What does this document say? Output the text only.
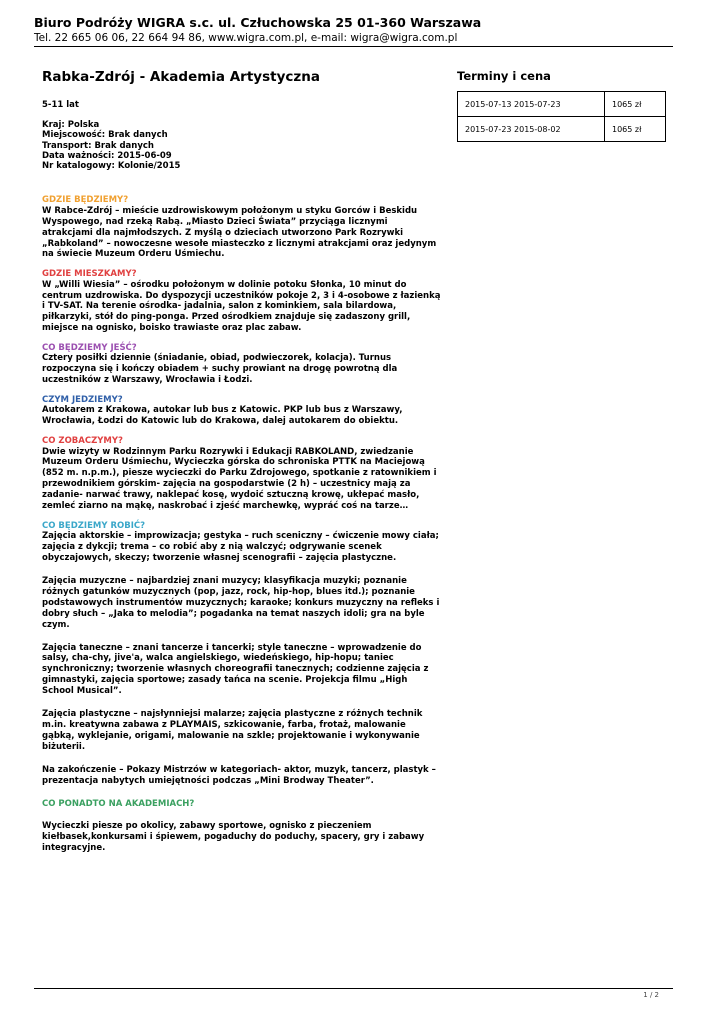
Biuro Podróży WIGRA s.c. ul. Człuchowska 25 01-360 Warszawa
Tel. 22 665 06 06, 22 664 94 86, www.wigra.com.pl, e-mail: wigra@wigra.com.pl
Rabka-Zdrój - Akademia Artystyczna
5-11 lat
Kraj: Polska
Miejscowość: Brak danych
Transport: Brak danych
Data ważności: 2015-06-09
Nr katalogowy: Kolonie/2015
GDZIE BĘDZIEMY?
W Rabce-Zdrój – mieście uzdrowiskowym położonym u styku Gorców i Beskidu
Wyspowego, nad rzeką Rabą. „Miasto Dzieci Świata” przyciąga licznymi
atrakcjami dla najmłodszych. Z myślą o dzieciach utworzono Park Rozrywki
„Rabkoland” – nowoczesne wesołe miasteczko z licznymi atrakcjami oraz jedynym
na świecie Muzeum Orderu Uśmiechu.
GDZIE MIESZKAMY?
W „Willi Wiesia” – ośrodku położonym w dolinie potoku Słonka, 10 minut do
centrum uzdrowiska. Do dyspozycji uczestników pokoje 2, 3 i 4-osobowe z łazienką
i TV-SAT. Na terenie ośrodka- jadalnia, salon z kominkiem, sala bilardowa,
piłkarzyki, stół do ping-ponga. Przed ośrodkiem znajduje się zadaszony grill,
miejsce na ognisko, boisko trawiaste oraz plac zabaw.
CO BĘDZIEMY JEŚĆ?
Cztery posiłki dziennie (śniadanie, obiad, podwieczorek, kolacja). Turnus
rozpoczyna się i kończy obiadem + suchy prowiant na drogę powrotną dla
uczestników z Warszawy, Wrocławia i Łodzi.
CZYM JEDZIEMY?
Autokarem z Krakowa, autokar lub bus z Katowic. PKP lub bus z Warszawy,
Wrocławia, Łodzi do Katowic lub do Krakowa, dalej autokarem do obiektu.
CO ZOBACZYMY?
Dwie wizyty w Rodzinnym Parku Rozrywki i Edukacji RABKOLAND, zwiedzanie
Muzeum Orderu Uśmiechu, Wycieczka górska do schroniska PTTK na Maciejową
(852 m. n.p.m.), piesze wycieczki do Parku Zdrojowego, spotkanie z ratownikiem i
przewodnikiem górskim- zajęcia na gospodarstwie (2 h) – uczestnicy mają za
zadanie- narwać trawy, naklepać kosę, wydoić sztuczną krowę, ukłepać masło,
zemleć ziarno na mąkę, naskrobać i zjeść marchewkę, wypráć coś na tarze…
CO BĘDZIEMY ROBIĆ?
Zajęcia aktorskie – improwizacja; gestyka – ruch sceniczny – ćwiczenie mowy ciała;
zajęcia z dykcji; trema – co robić aby z nią walczyć; odgrywanie scenek
obyczajowych, skeczy; tworzenie własnej scenografii – zajęcia plastyczne.
Zajęcia muzyczne – najbardziej znani muzycy; klasyfikacja muzyki; poznanie
różnych gatunków muzycznych (pop, jazz, rock, hip-hop, blues itd.); poznanie
podstawowych instrumentów muzycznych; karaoke; konkurs muzyczny na refleks i
dobry słuch – „Jaka to melodia”; pogadanka na temat naszych idoli; gra na byle
czym.
Zajęcia taneczne – znani tancerze i tancerki; style taneczne – wprowadzenie do
salsy, cha-chy, jive'a, walca angielskiego, wiedeńskiego, hip-hopu; taniec
synchroniczny; tworzenie własnych choreografii tanecznych; codzienne zajęcia z
gimnastyki, zajęcia sportowe; zasady tańca na scenie. Projekcja filmu „High
School Musical”.
Zajęcia plastyczne – najsłynniejsi malarze; zajęcia plastyczne z różnych technik
m.in. kreatywna zabawa z PLAYMAIS, szkicowanie, farba, frotaż, malowanie
gąbką, wyklejanie, origami, malowanie na szkle; projektowanie i wykonywanie
biżuterii.
Na zakończenie – Pokazy Mistrzów w kategoriach- aktor, muzyk, tancerz, plastyk –
prezentacja nabytych umiejętności podczas „Mini Brodway Theater”.
CO PONADTO NA AKADEMIACH?
Wycieczki piesze po okolicy, zabawy sportowe, ognisko z pieczeniem
kiełbasek,konkursami i śpiewem, pogaduchy do poduchy, spacery, gry i zabawy
integracyjne.
Terminy i cena
2015-07-13 2015-07-23	1065 zł
2015-07-23 2015-08-02	1065 zł
1 / 2
